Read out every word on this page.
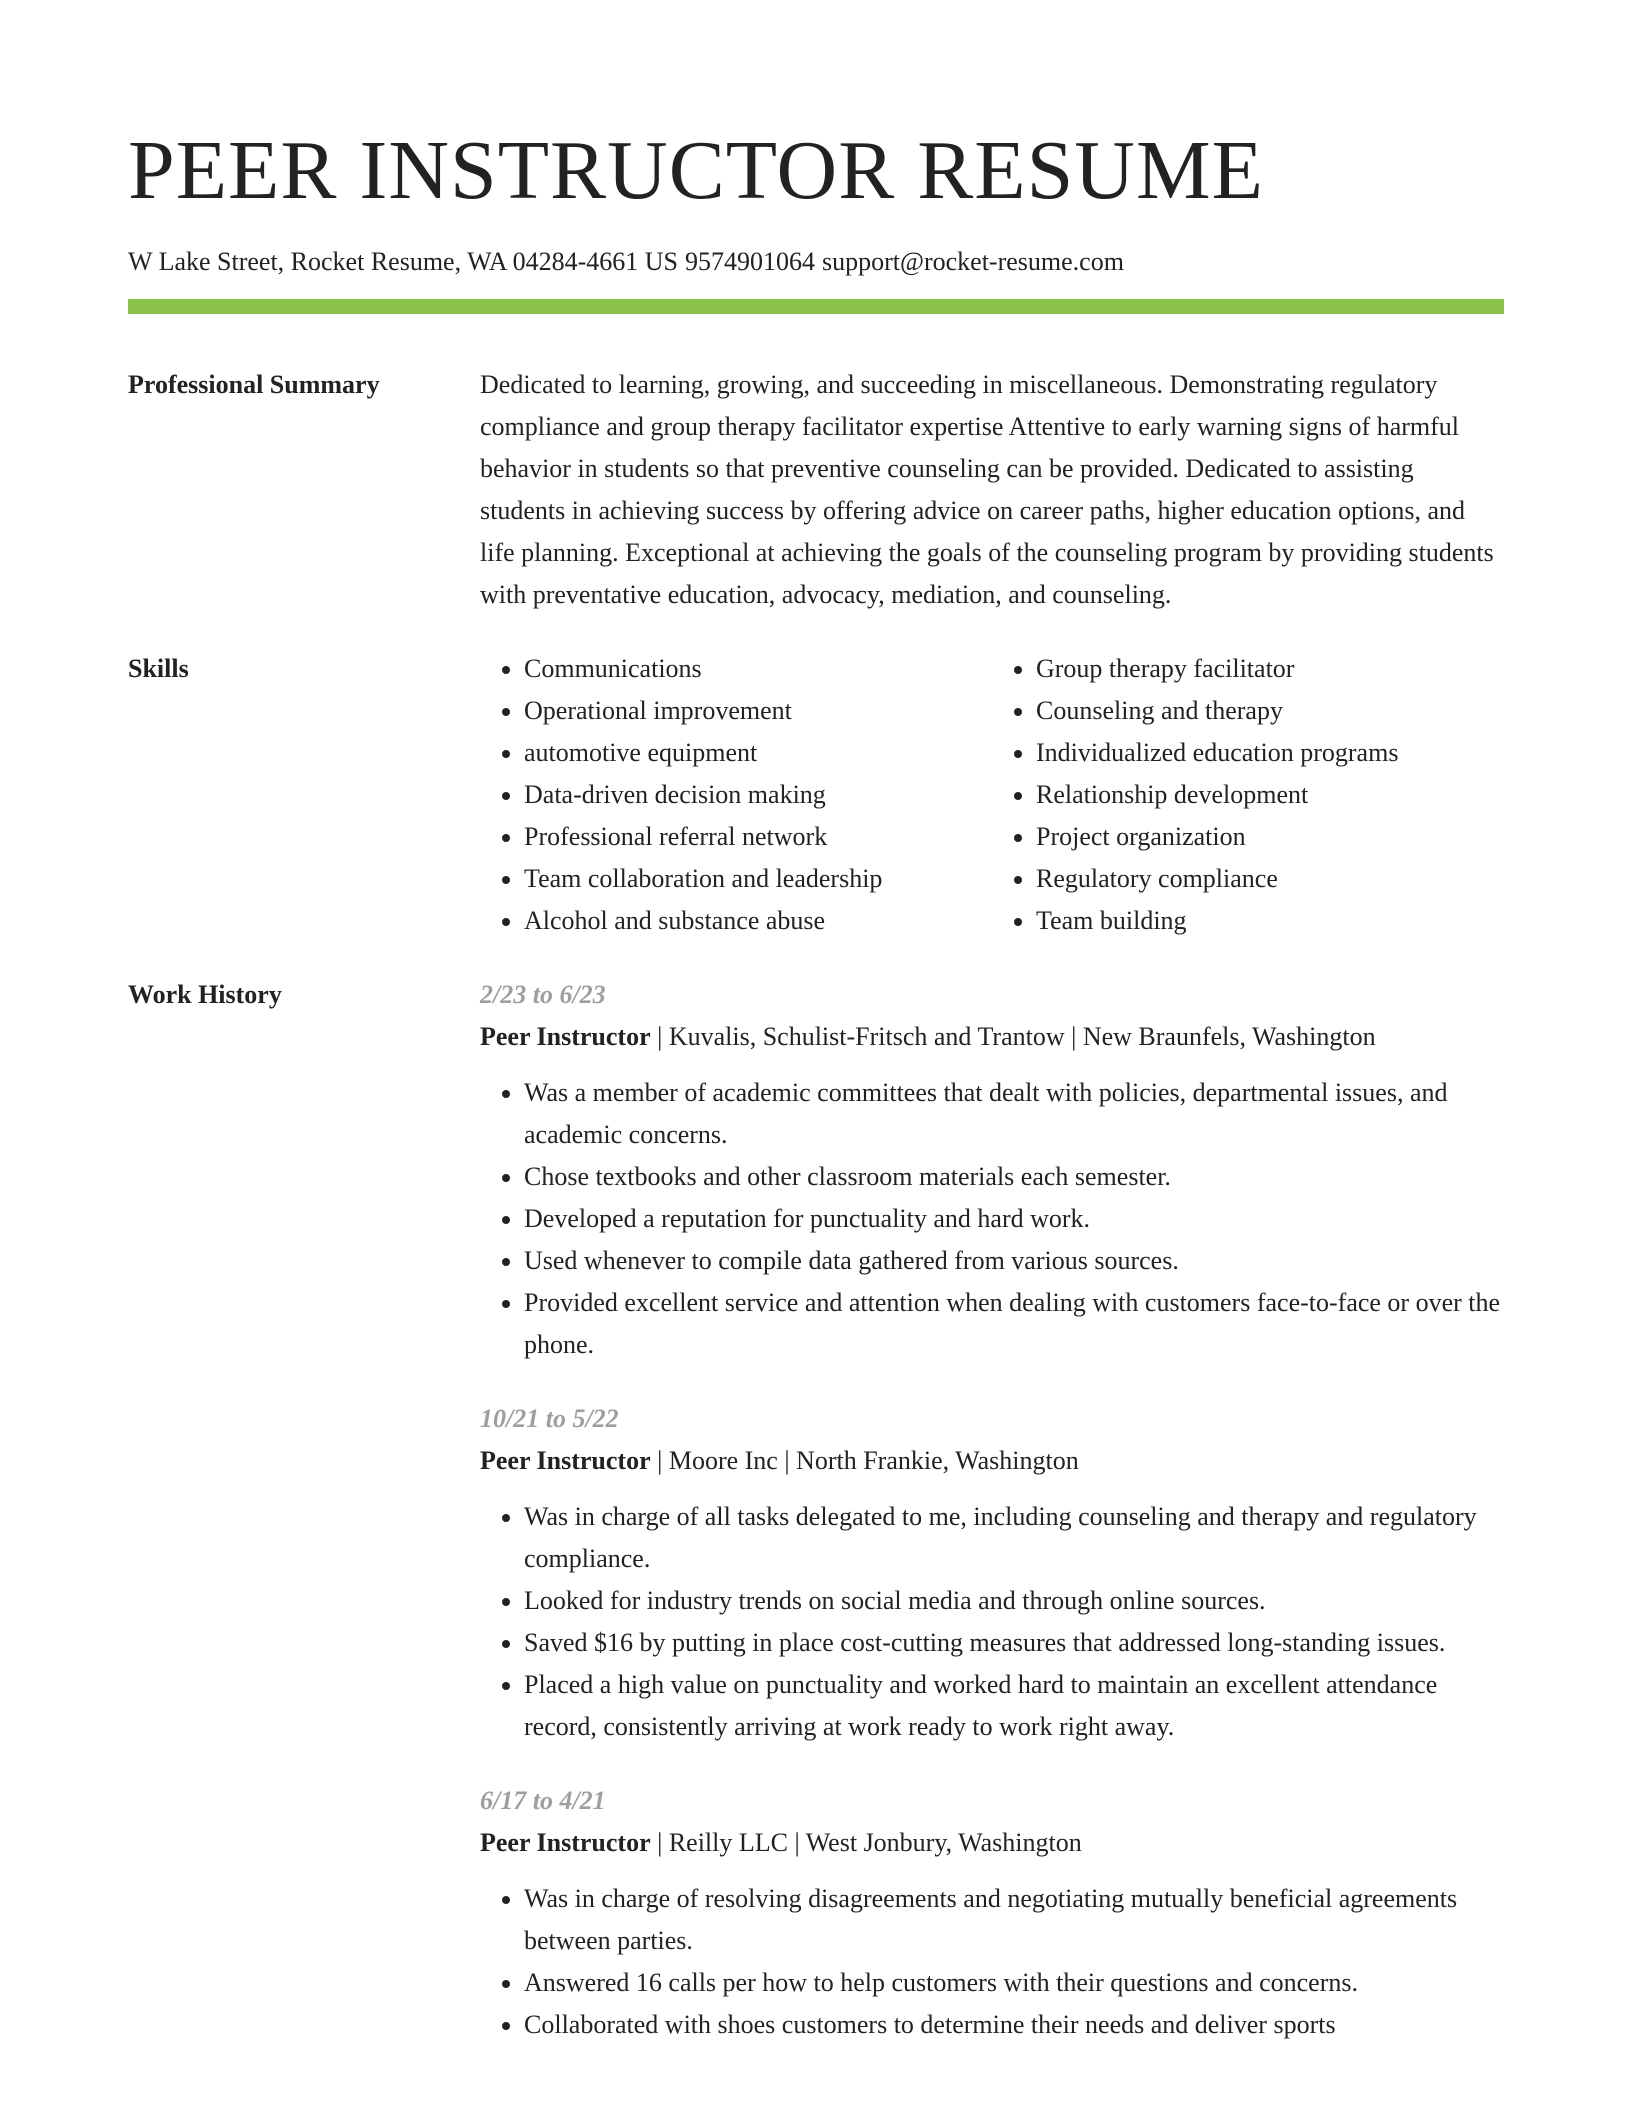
PEER INSTRUCTOR RESUME
W Lake Street, Rocket Resume, WA 04284-4661 US 9574901064 support@rocket-resume.com
Professional Summary	Dedicated to learning, growing, and succeeding in miscellaneous. Demonstrating regulatory compliance and group therapy facilitator expertise Attentive to early warning signs of harmful behavior in students so that preventive counseling can be provided. Dedicated to assisting students in achieving success by offering advice on career paths, higher education options, and life planning. Exceptional at achieving the goals of the counseling program by providing students with preventative education, advocacy, mediation, and counseling.

Skills
•	Communications
• Operational improvement
• automotive equipment
• Data-driven decision making
• Professional referral network
• Team collaboration and leadership
• Alcohol and substance abuse
• Group therapy facilitator
• Counseling and therapy
• Individualized education programs
• Relationship development
• Project organization
• Regulatory compliance
• Team building
Work History	2/23 to 6/23
Peer Instructor | Kuvalis, Schulist-Fritsch and Trantow | New Braunfels, Washington
• Was a member of academic committees that dealt with policies, departmental issues, and academic concerns.
• Chose textbooks and other classroom materials each semester.
• Developed a reputation for punctuality and hard work.
• Used whenever to compile data gathered from various sources.
• Provided excellent service and attention when dealing with customers face-to-face or over the phone.
10/21 to 5/22
Peer Instructor | Moore Inc | North Frankie, Washington
• Was in charge of all tasks delegated to me, including counseling and therapy and regulatory compliance.
• Looked for industry trends on social media and through online sources.
• Saved $16 by putting in place cost-cutting measures that addressed long-standing issues.
• Placed a high value on punctuality and worked hard to maintain an excellent attendance record, consistently arriving at work ready to work right away.
6/17 to 4/21
Peer Instructor | Reilly LLC | West Jonbury, Washington
• Was in charge of resolving disagreements and negotiating mutually beneficial agreements between parties.
• Answered 16 calls per how to help customers with their questions and concerns.
• Collaborated with shoes customers to determine their needs and deliver sports
